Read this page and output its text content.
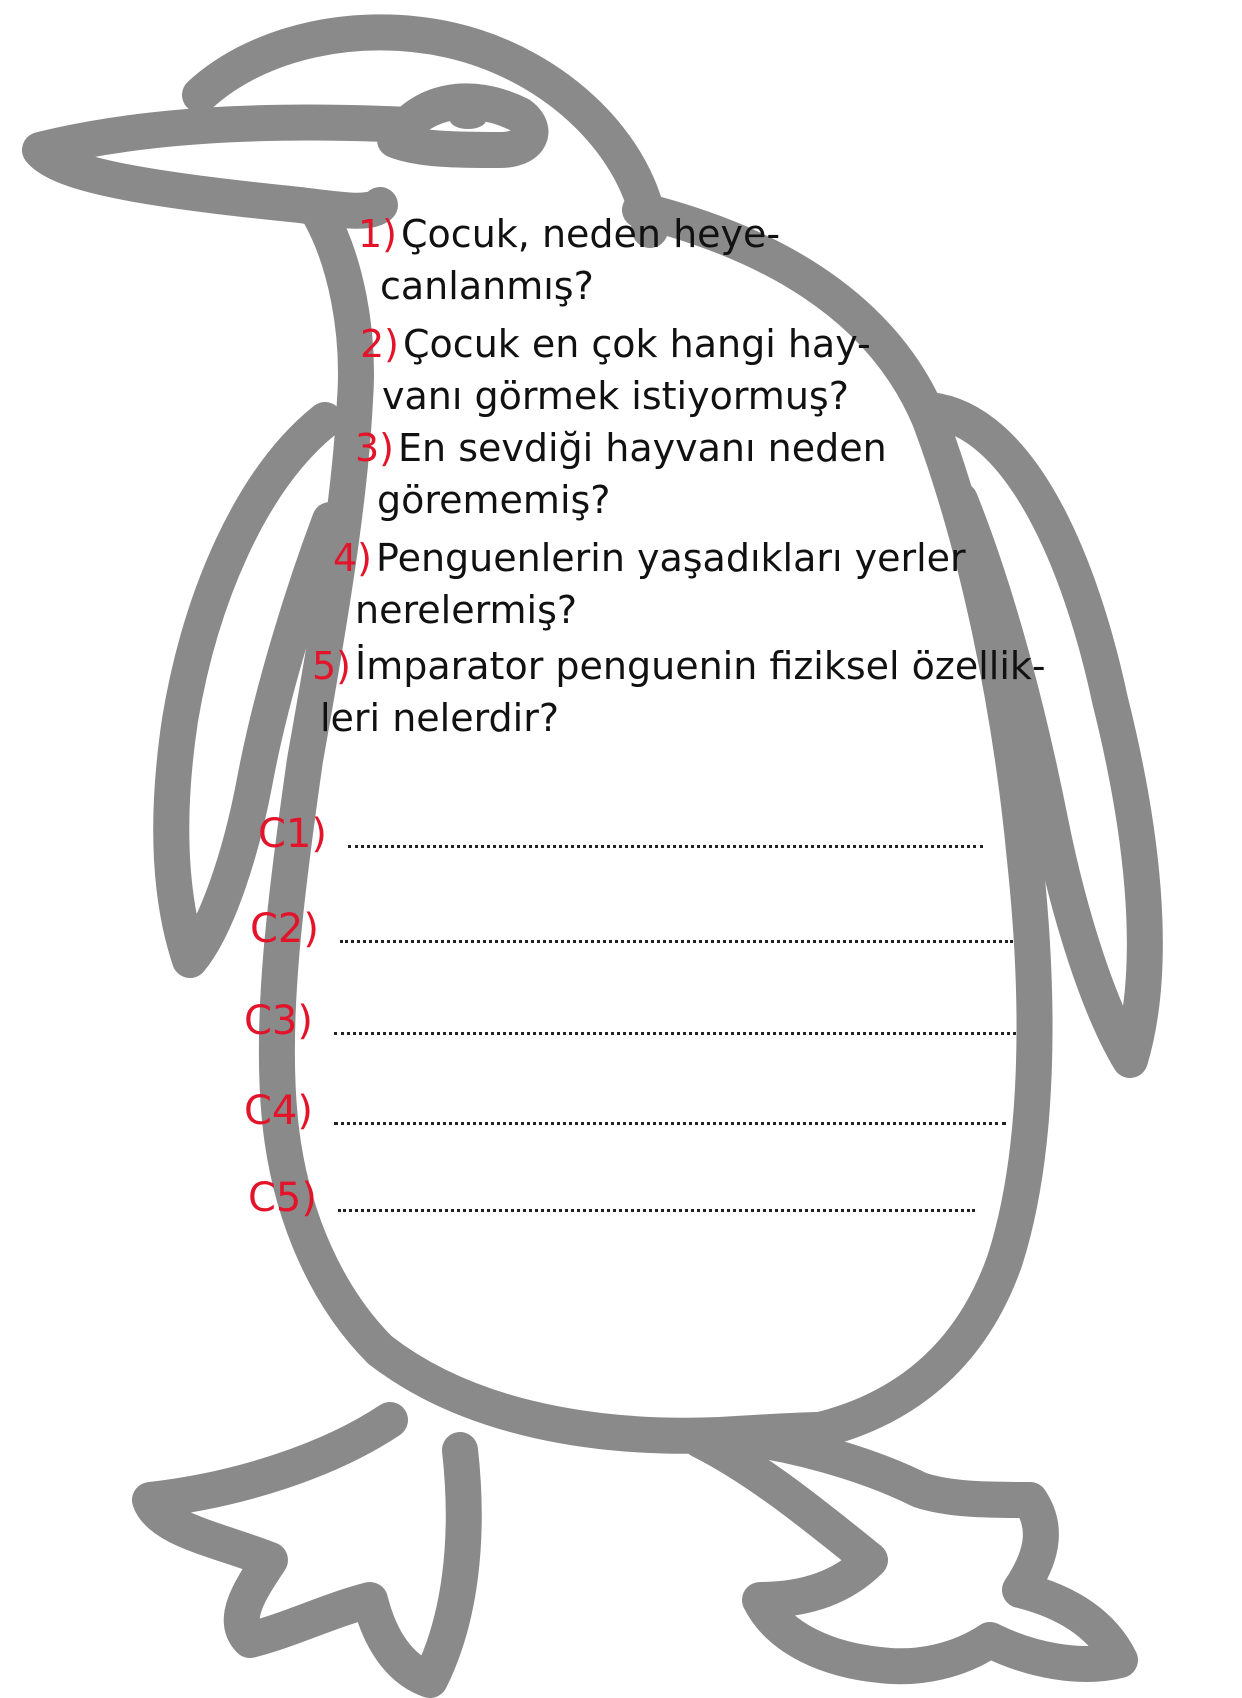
1) Çocuk, neden heye-
canlanmış?
2) Çocuk en çok hangi hay-
vanı görmek istiyormuş?
3) En sevdiği hayvanı neden
görememiş?
4) Penguenlerin yaşadıkları yerler
nerelermiş?
5) İmparator penguenin fiziksel özellik-
leri nelerdir?
C1)
C2)
C3)
C4)
C5)
